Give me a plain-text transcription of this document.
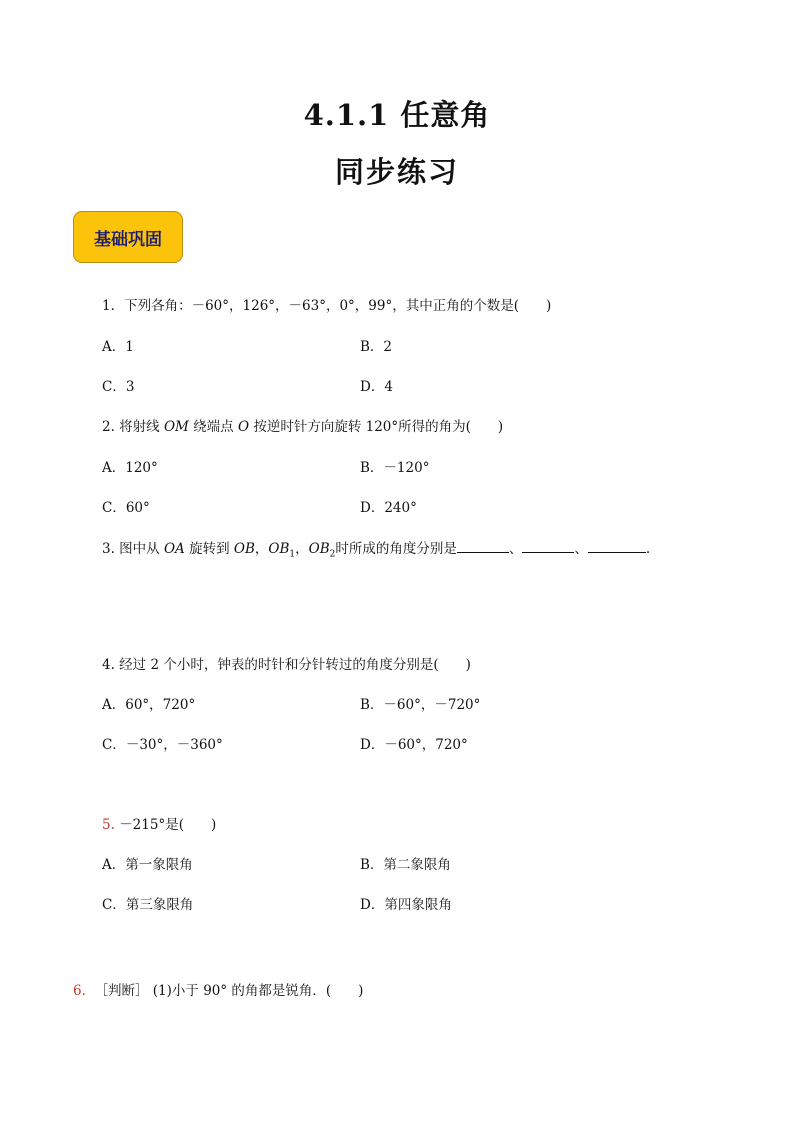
4.1.1 任意角
同步练习
基础巩固
1．下列各角：－60°，126°，－63°，0°，99°，其中正角的个数是(　　)
A．1	B．2
C．3	D．4
2. 将射线 OM 绕端点 O 按逆时针方向旋转 120°所得的角为(　　)
A．120°	B．－120°
C．60°	D．240°
3. 图中从 OA 旋转到 OB，$OB_1$，$OB_2$时所成的角度分别是	、	、	.
4. 经过 2 个小时，钟表的时针和分针转过的角度分别是(　　)
A．60°，720°	B．－60°，－720°
C．－30°，－360°	D．－60°，720°
5. －215°是(　　)
A．第一象限角	B．第二象限角
C．第三象限角	D．第四象限角
6. ［判断］ (1)小于 90° 的角都是锐角．(　　)
